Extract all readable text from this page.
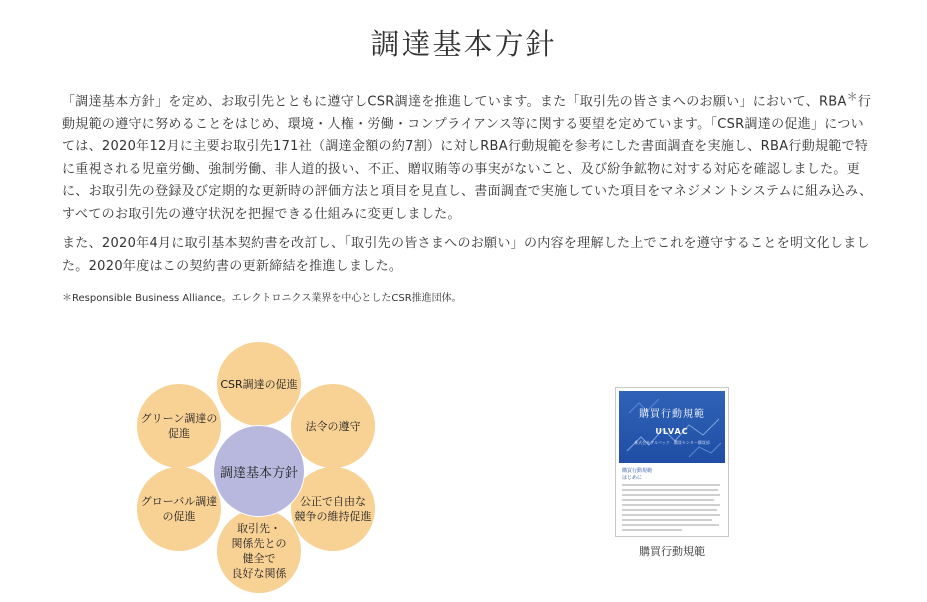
調達基本方針

「調達基本方針」を定め、お取引先とともに遵守しCSR調達を推進しています。また「取引先の皆さまへのお願い」において、RBA＊行動規範の遵守に努めることをはじめ、環境・人権・労働・コンプライアンス等に関する要望を定めています。「CSR調達の促進」については、2020年12月に主要お取引先171社（調達金額の約7割）に対しRBA行動規範を参考にした書面調査を実施し、RBA行動規範で特に重視される児童労働、強制労働、非人道的扱い、不正、贈収賄等の事実がないこと、及び紛争鉱物に対する対応を確認しました。更に、お取引先の登録及び定期的な更新時の評価方法と項目を見直し、書面調査で実施していた項目をマネジメントシステムに組み込み、すべてのお取引先の遵守状況を把握できる仕組みに変更しました。

また、2020年4月に取引基本契約書を改訂し、「取引先の皆さまへのお願い」の内容を理解した上でこれを遵守することを明文化しました。2020年度はこの契約書の更新締結を推進しました。

＊Responsible Business Alliance。エレクトロニクス業界を中心としたCSR推進団体。

CSR調達の促進
法令の遵守
公正で自由な
競争の維持促進
取引先・
関係先との
健全で
良好な関係
グローバル調達
の促進
グリーン調達の
促進
調達基本方針
購買行動規範
ULVAC
株式会社アルバック　購買センター購買部
購買行動規範
はじめに
購買行動規範
